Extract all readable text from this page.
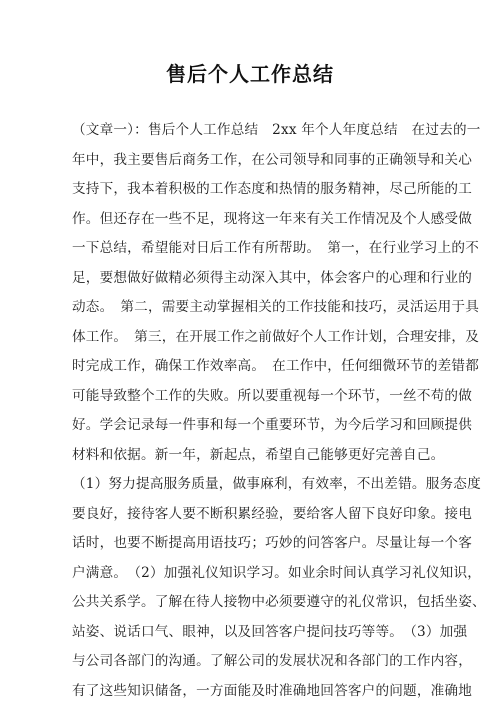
售后个人工作总结
（文章一）：售后个人工作总结　2xx 年个人年度总结　在过去的一
年中，我主要售后商务工作，在公司领导和同事的正确领导和关心
支持下，我本着积极的工作态度和热情的服务精神，尽己所能的工
作。但还存在一些不足，现将这一年来有关工作情况及个人感受做
一下总结，希望能对日后工作有所帮助。　第一，在行业学习上的不
足，要想做好做精必须得主动深入其中，体会客户的心理和行业的
动态。　第二，需要主动掌握相关的工作技能和技巧，灵活运用于具
体工作。　第三，在开展工作之前做好个人工作计划，合理安排，及
时完成工作，确保工作效率高。　在工作中，任何细微环节的差错都
可能导致整个工作的失败。所以要重视每一个环节，一丝不苟的做
好。学会记录每一件事和每一个重要环节，为今后学习和回顾提供
材料和依据。新一年，新起点，希望自己能够更好完善自己。
（1）努力提高服务质量，做事麻利，有效率，不出差错。服务态度
要良好，接待客人要不断积累经验，要给客人留下良好印象。接电
话时，也要不断提高用语技巧；巧妙的问答客户。尽量让每一个客
户满意。　（2）加强礼仪知识学习。如业余时间认真学习礼仪知识，
公共关系学。了解在待人接物中必须要遵守的礼仪常识，包括坐姿、
站姿、说话口气、眼神，以及回答客户提问技巧等等。　（3）加强
与公司各部门的沟通。了解公司的发展状况和各部门的工作内容，
有了这些知识储备，一方面能及时准确地回答客户的问题，准确地
